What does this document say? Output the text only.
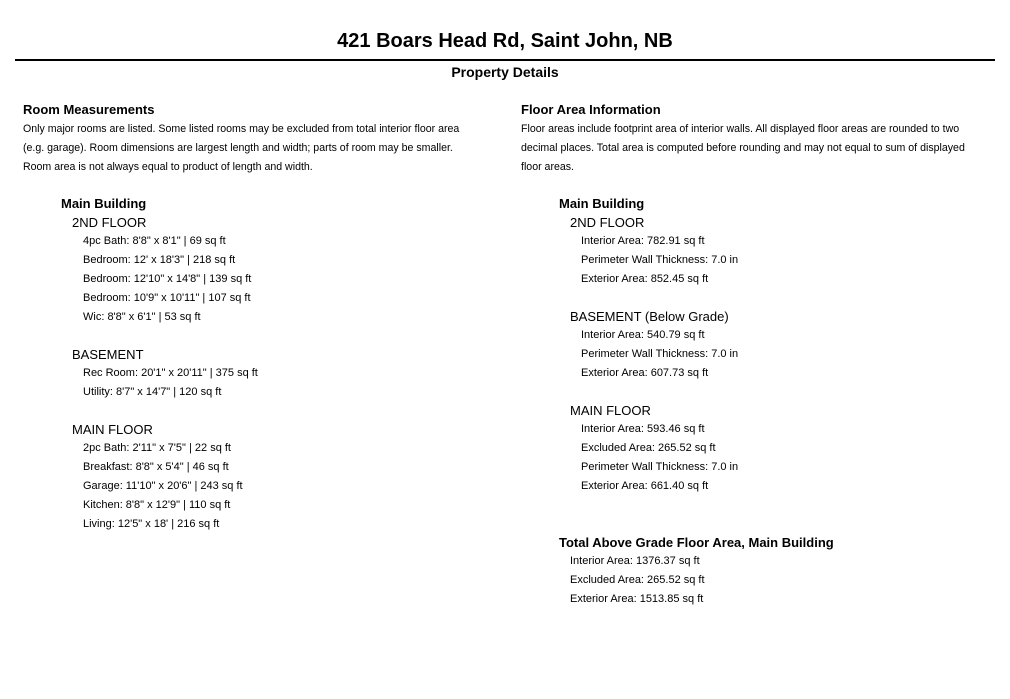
421 Boars Head Rd, Saint John, NB
Property Details
Room Measurements
Only major rooms are listed. Some listed rooms may be excluded from total interior floor area
(e.g. garage). Room dimensions are largest length and width; parts of room may be smaller.
Room area is not always equal to product of length and width.
Main Building
2ND FLOOR
4pc Bath: 8'8" x 8'1" | 69 sq ft
Bedroom: 12' x 18'3" | 218 sq ft
Bedroom: 12'10" x 14'8" | 139 sq ft
Bedroom: 10'9" x 10'11" | 107 sq ft
Wic: 8'8" x 6'1" | 53 sq ft
BASEMENT
Rec Room: 20'1" x 20'11" | 375 sq ft
Utility: 8'7" x 14'7" | 120 sq ft
MAIN FLOOR
2pc Bath: 2'11" x 7'5" | 22 sq ft
Breakfast: 8'8" x 5'4" | 46 sq ft
Garage: 11'10" x 20'6" | 243 sq ft
Kitchen: 8'8" x 12'9" | 110 sq ft
Living: 12'5" x 18' | 216 sq ft
Floor Area Information
Floor areas include footprint area of interior walls. All displayed floor areas are rounded to two
decimal places. Total area is computed before rounding and may not equal to sum of displayed
floor areas.
Main Building
2ND FLOOR
Interior Area: 782.91 sq ft
Perimeter Wall Thickness: 7.0 in
Exterior Area: 852.45 sq ft
BASEMENT (Below Grade)
Interior Area: 540.79 sq ft
Perimeter Wall Thickness: 7.0 in
Exterior Area: 607.73 sq ft
MAIN FLOOR
Interior Area: 593.46 sq ft
Excluded Area: 265.52 sq ft
Perimeter Wall Thickness: 7.0 in
Exterior Area: 661.40 sq ft
Total Above Grade Floor Area, Main Building
Interior Area: 1376.37 sq ft
Excluded Area: 265.52 sq ft
Exterior Area: 1513.85 sq ft
